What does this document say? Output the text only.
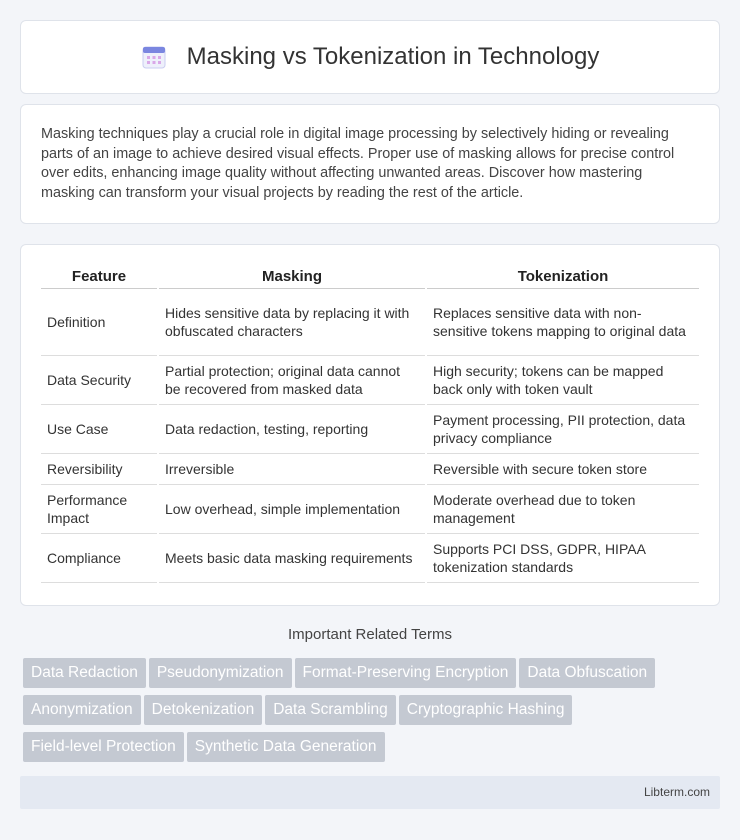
Masking vs Tokenization in Technology

Masking techniques play a crucial role in digital image processing by selectively hiding or revealing parts of an image to achieve desired visual effects. Proper use of masking allows for precise control over edits, enhancing image quality without affecting unwanted areas. Discover how mastering masking can transform your visual projects by reading the rest of the article.

Feature	Masking	Tokenization
Definition	Hides sensitive data by replacing it with obfuscated characters	Replaces sensitive data with non-sensitive tokens mapping to original data
Data Security	Partial protection; original data cannot be recovered from masked data	High security; tokens can be mapped back only with token vault
Use Case	Data redaction, testing, reporting	Payment processing, PII protection, data privacy compliance
Reversibility	Irreversible	Reversible with secure token store
Performance Impact	Low overhead, simple implementation	Moderate overhead due to token management
Compliance	Meets basic data masking requirements	Supports PCI DSS, GDPR, HIPAA tokenization standards
Important Related Terms
Data Redaction Pseudonymization Format-Preserving Encryption Data Obfuscation
Anonymization Detokenization Data Scrambling Cryptographic Hashing
Field-level Protection Synthetic Data Generation
Libterm.com
